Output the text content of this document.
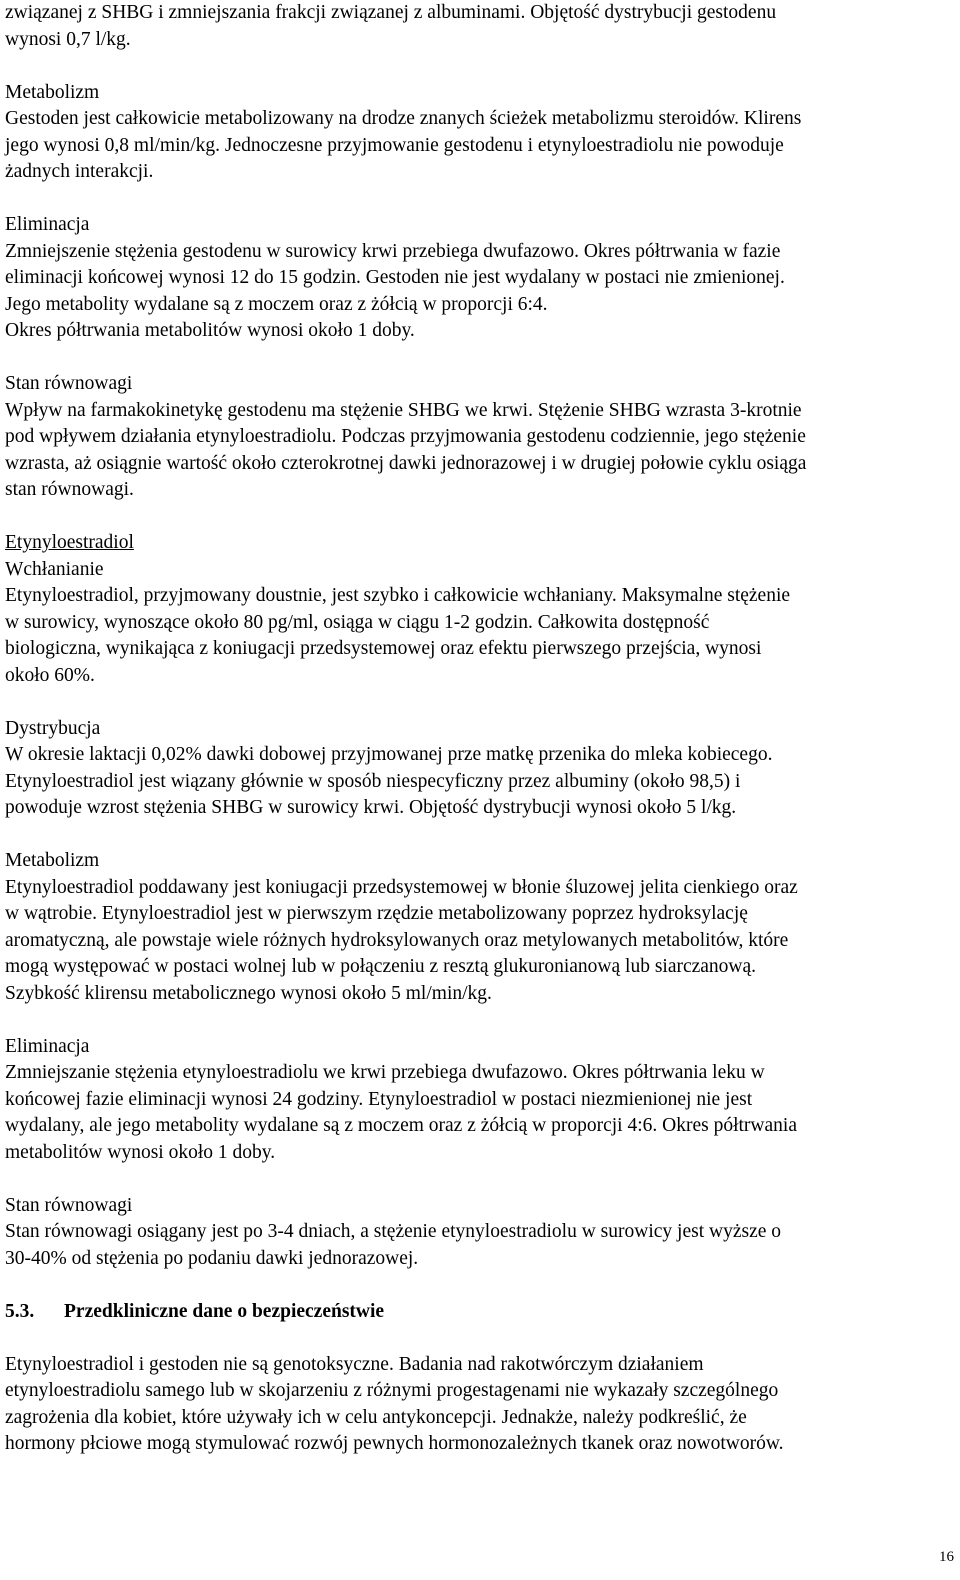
związanej z SHBG i zmniejszania frakcji związanej z albuminami. Objętość dystrybucji gestodenu
wynosi 0,7 l/kg.
Metabolizm
Gestoden jest całkowicie metabolizowany na drodze znanych ścieżek metabolizmu steroidów. Klirens
jego wynosi 0,8 ml/min/kg. Jednoczesne przyjmowanie gestodenu i etynyloestradiolu nie powoduje
żadnych interakcji.
Eliminacja
Zmniejszenie stężenia gestodenu w surowicy krwi przebiega dwufazowo. Okres półtrwania w fazie
eliminacji końcowej wynosi 12 do 15 godzin. Gestoden nie jest wydalany w postaci nie zmienionej.
Jego metabolity wydalane są z moczem oraz z żółcią w proporcji 6:4.
Okres półtrwania metabolitów wynosi około 1 doby.
Stan równowagi
Wpływ na farmakokinetykę gestodenu ma stężenie SHBG we krwi. Stężenie SHBG wzrasta 3-krotnie
pod wpływem działania etynyloestradiolu. Podczas przyjmowania gestodenu codziennie, jego stężenie
wzrasta, aż osiągnie wartość około czterokrotnej dawki jednorazowej i w drugiej połowie cyklu osiąga
stan równowagi.
Etynyloestradiol
Wchłanianie
Etynyloestradiol, przyjmowany doustnie, jest szybko i całkowicie wchłaniany. Maksymalne stężenie
w surowicy, wynoszące około 80 pg/ml, osiąga w ciągu 1-2 godzin. Całkowita dostępność
biologiczna, wynikająca z koniugacji przedsystemowej oraz efektu pierwszego przejścia, wynosi
około 60%.
Dystrybucja
W okresie laktacji 0,02% dawki dobowej przyjmowanej prze matkę przenika do mleka kobiecego.
Etynyloestradiol jest wiązany głównie w sposób niespecyficzny przez albuminy (około 98,5) i
powoduje wzrost stężenia SHBG w surowicy krwi. Objętość dystrybucji wynosi około 5 l/kg.
Metabolizm
Etynyloestradiol poddawany jest koniugacji przedsystemowej w błonie śluzowej jelita cienkiego oraz
w wątrobie. Etynyloestradiol jest w pierwszym rzędzie metabolizowany poprzez hydroksylację
aromatyczną, ale powstaje wiele różnych hydroksylowanych oraz metylowanych metabolitów, które
mogą występować w postaci wolnej lub w połączeniu z resztą glukuronianową lub siarczanową.
Szybkość klirensu metabolicznego wynosi około 5 ml/min/kg.
Eliminacja
Zmniejszanie stężenia etynyloestradiolu we krwi przebiega dwufazowo. Okres półtrwania leku w
końcowej fazie eliminacji wynosi 24 godziny. Etynyloestradiol w postaci niezmienionej nie jest
wydalany, ale jego metabolity wydalane są z moczem oraz z żółcią w proporcji 4:6. Okres półtrwania
metabolitów wynosi około 1 doby.
Stan równowagi
Stan równowagi osiągany jest po 3-4 dniach, a stężenie etynyloestradiolu w surowicy jest wyższe o
30-40% od stężenia po podaniu dawki jednorazowej.
5.3. Przedkliniczne dane o bezpieczeństwie
Etynyloestradiol i gestoden nie są genotoksyczne. Badania nad rakotwórczym działaniem
etynyloestradiolu samego lub w skojarzeniu z różnymi progestagenami nie wykazały szczególnego
zagrożenia dla kobiet, które używały ich w celu antykoncepcji. Jednakże, należy podkreślić, że
hormony płciowe mogą stymulować rozwój pewnych hormonozależnych tkanek oraz nowotworów.
16
